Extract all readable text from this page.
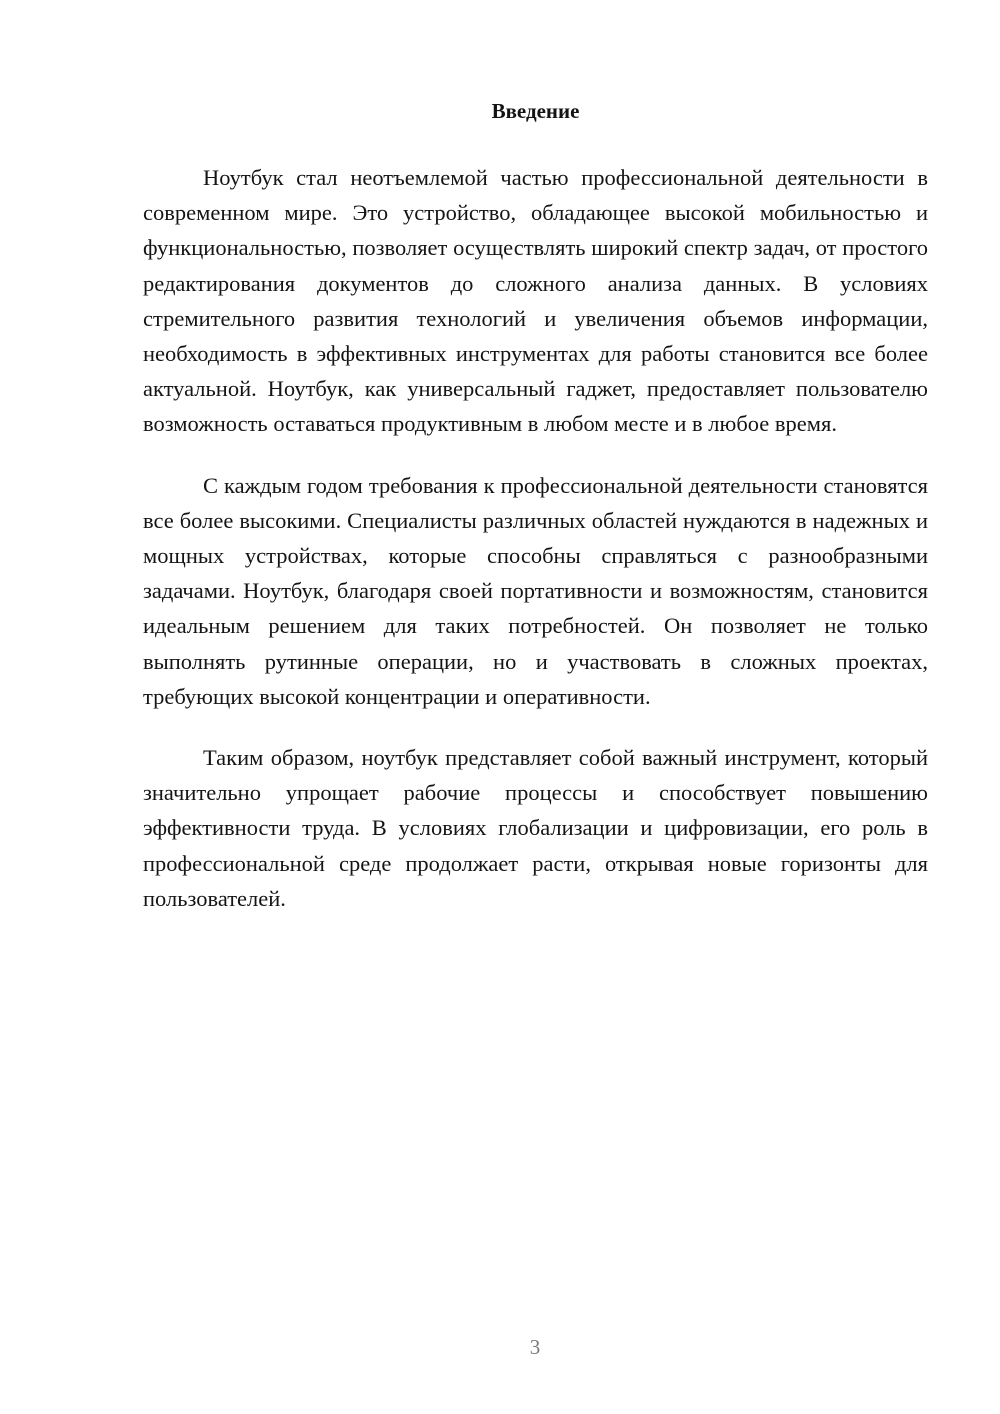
Введение

Ноутбук стал неотъемлемой частью профессиональной деятельности в современном мире. Это устройство, обладающее высокой мобильностью и функциональностью, позволяет осуществлять широкий спектр задач, от простого редактирования документов до сложного анализа данных. В условиях стремительного развития технологий и увеличения объемов информации, необходимость в эффективных инструментах для работы становится все более актуальной. Ноутбук, как универсальный гаджет, предоставляет пользователю возможность оставаться продуктивным в любом месте и в любое время.

С каждым годом требования к профессиональной деятельности становятся все более высокими. Специалисты различных областей нуждаются в надежных и мощных устройствах, которые способны справляться с разнообразными задачами. Ноутбук, благодаря своей портативности и возможностям, становится идеальным решением для таких потребностей. Он позволяет не только выполнять рутинные операции, но и участвовать в сложных проектах, требующих высокой концентрации и оперативности.

Таким образом, ноутбук представляет собой важный инструмент, который значительно упрощает рабочие процессы и способствует повышению эффективности труда. В условиях глобализации и цифровизации, его роль в профессиональной среде продолжает расти, открывая новые горизонты для пользователей.

3
